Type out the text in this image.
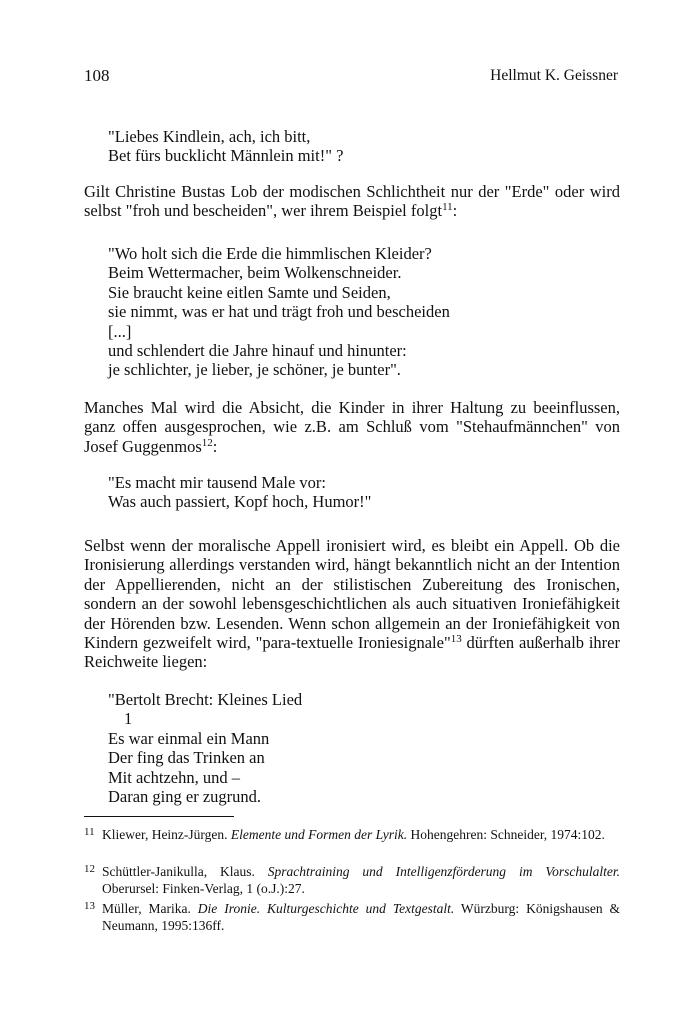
108	Hellmut K. Geissner
"Liebes Kindlein, ach, ich bitt,
Bet fürs bucklicht Männlein mit!" ?

Gilt Christine Bustas Lob der modischen Schlichtheit nur der "Erde" oder wird selbst "froh und bescheiden", wer ihrem Beispiel folgt$^{11}$:

"Wo holt sich die Erde die himmlischen Kleider?
Beim Wettermacher, beim Wolkenschneider.
Sie braucht keine eitlen Samte und Seiden,
sie nimmt, was er hat und trägt froh und bescheiden
[...]
und schlendert die Jahre hinauf und hinunter:
je schlichter, je lieber, je schöner, je bunter".

Manches Mal wird die Absicht, die Kinder in ihrer Haltung zu beeinflussen, ganz offen ausgesprochen, wie z.B. am Schluß vom "Stehaufmännchen" von Josef Guggenmos$^{12}$:

"Es macht mir tausend Male vor:
Was auch passiert, Kopf hoch, Humor!"

Selbst wenn der moralische Appell ironisiert wird, es bleibt ein Appell. Ob die Ironisierung allerdings verstanden wird, hängt bekanntlich nicht an der Intention der Appellierenden, nicht an der stilistischen Zubereitung des Ironischen, sondern an der sowohl lebensgeschichtlichen als auch situativen Ironiefähigkeit der Hörenden bzw. Lesenden. Wenn schon allgemein an der Ironiefähigkeit von Kindern gezweifelt wird, "para-textuelle Ironiesignale"$^{13}$ dürften außerhalb ihrer Reichweite liegen:

"Bertolt Brecht: Kleines Lied
1
Es war einmal ein Mann
Der fing das Trinken an
Mit achtzehn, und –
Daran ging er zugrund.
11 Kliewer, Heinz-Jürgen. Elemente und Formen der Lyrik. Hohengehren: Schneider, 1974:102.
12 Schüttler-Janikulla, Klaus. Sprachtraining und Intelligenzförderung im Vorschulalter. Oberursel: Finken-Verlag, 1 (o.J.):27.
13 Müller, Marika. Die Ironie. Kulturgeschichte und Textgestalt. Würzburg: Königshausen & Neumann, 1995:136ff.
